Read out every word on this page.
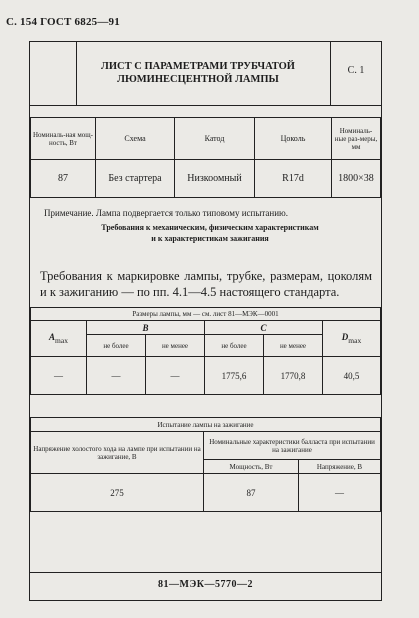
С. 154 ГОСТ 6825—91
ЛИСТ С ПАРАМЕТРАМИ ТРУБЧАТОЙ
ЛЮМИНЕСЦЕНТНОЙ ЛАМПЫ
С. 1
Номиналь-ная мощ-ность, Вт	Схема	Катод	Цоколь	Номиналь-ные раз-меры, мм
87	Без стартера	Низкоомный	R17d	1800×38
Примечание. Лампа подвергается только типовому испытанию.
Требования к механическим, физическим характеристикам
и к характеристикам зажигания
Требования к маркировке лампы, трубке, размерам, цоколям и к зажиганию — по пп. 4.1—4.5 настоящего стандарта.
Размеры лампы, мм — см. лист 81—МЭК—0001					
$A_{max}$	B		C		$D_{max}$
	не более	не менее	не более	не менее	
—	—	—	1775,6	1770,8	40,5
Испытание лампы на зажигание		
Напряжение холостого хода на лампе при испытании на зажигание, В	Номинальные характеристики балласта при испытании на зажигание	
	Мощность, Вт	Напряжение, В
275	87	—
81—МЭК—5770—2
